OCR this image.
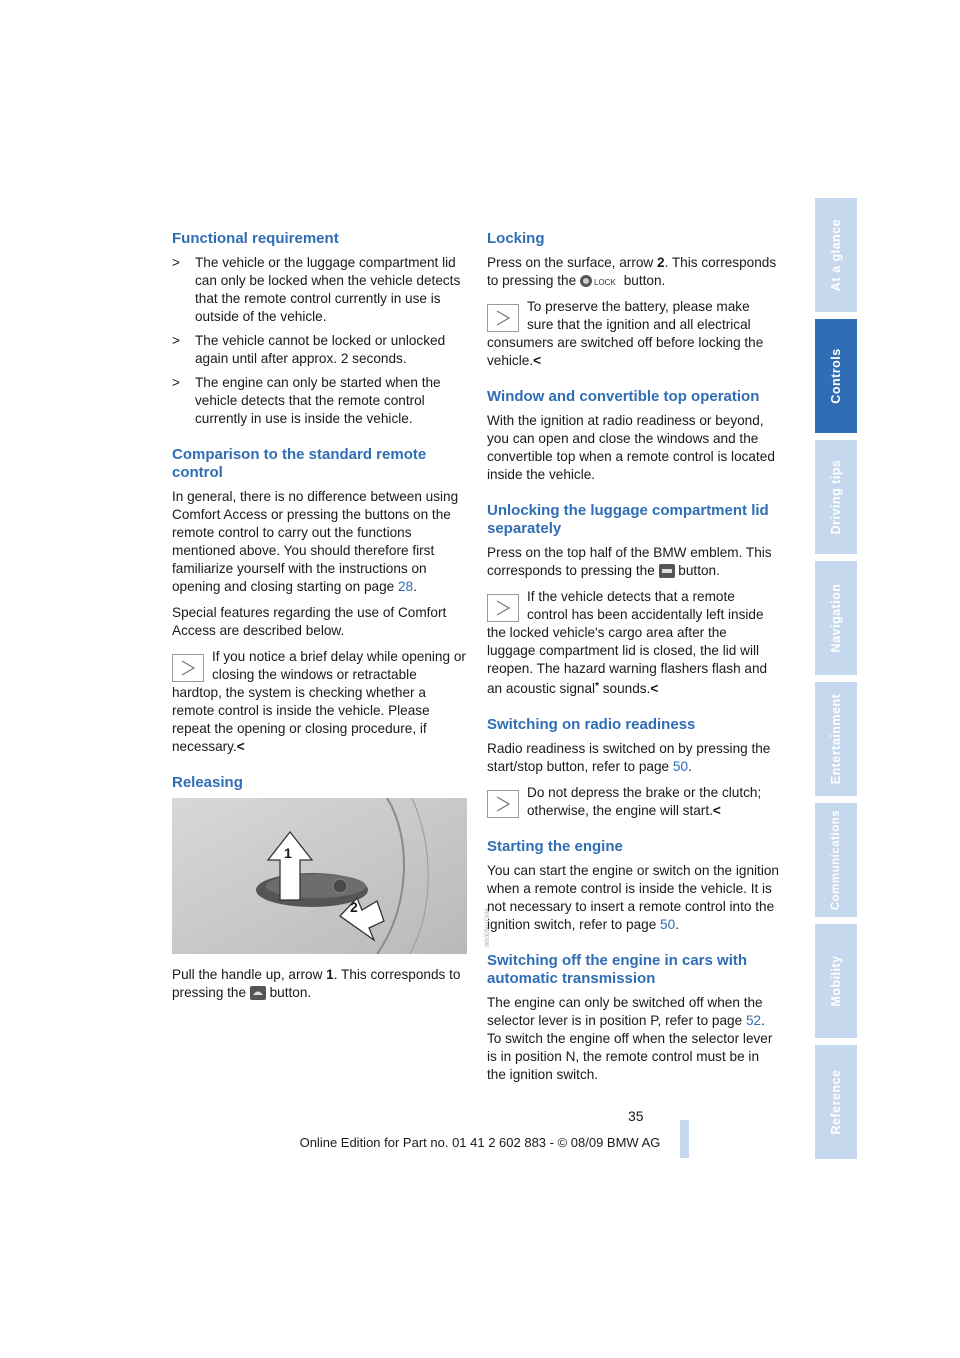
At a glance
Controls
Driving tips
Navigation
Entertainment
Communications
Mobility
Reference
Functional requirement
> The vehicle or the luggage compartment lid can only be locked when the vehicle detects that the remote control currently in use is outside of the vehicle.
> The vehicle cannot be locked or unlocked again until after approx. 2 seconds.
> The engine can only be started when the vehicle detects that the remote control currently in use is inside the vehicle.
Comparison to the standard remote control

In general, there is no difference between using Comfort Access or pressing the buttons on the remote control to carry out the functions mentioned above. You should therefore first familiarize yourself with the instructions on opening and closing starting on page 28.

Special features regarding the use of Comfort Access are described below.

If you notice a brief delay while opening or closing the windows or retractable hardtop, the system is checking whether a remote control is inside the vehicle. Please repeat the opening or closing procedure, if necessary.<
Releasing
W630501CMA
1
2

Pull the handle up, arrow 1. This corresponds to pressing the  button.

Locking

Press on the surface, arrow 2. This corresponds to pressing the LOCK button.

To preserve the battery, please make sure that the ignition and all electrical consumers are switched off before locking the vehicle.<
Window and convertible top operation

With the ignition at radio readiness or beyond, you can open and close the windows and the convertible top when a remote control is located inside the vehicle.

Unlocking the luggage compartment lid separately

Press on the top half of the BMW emblem. This corresponds to pressing the  button.

If the vehicle detects that a remote control has been accidentally left inside the locked vehicle's cargo area after the luggage compartment lid is closed, the lid will reopen. The hazard warning flashers flash and an acoustic signal* sounds.<
Switching on radio readiness

Radio readiness is switched on by pressing the start/stop button, refer to page 50.

Do not depress the brake or the clutch; otherwise, the engine will start.<
Starting the engine

You can start the engine or switch on the ignition when a remote control is inside the vehicle. It is not necessary to insert a remote control into the ignition switch, refer to page 50.

Switching off the engine in cars with automatic transmission

The engine can only be switched off when the selector lever is in position P, refer to page 52. To switch the engine off when the selector lever is in position N, the remote control must be in the ignition switch.

35
Online Edition for Part no. 01 41 2 602 883 - © 08/09 BMW AG
